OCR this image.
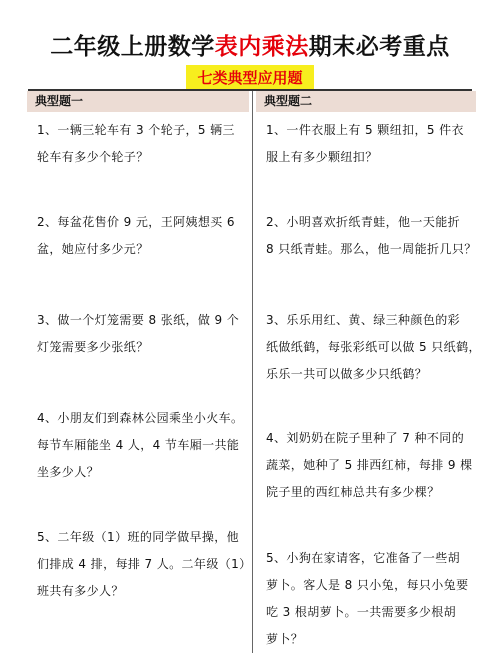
二年级上册数学表内乘法期末必考重点
七类典型应用题
典型题一
1、一辆三轮车有 3 个轮子，5 辆三
轮车有多少个轮子？
2、每盆花售价 9 元，王阿姨想买 6
盆，她应付多少元？
3、做一个灯笼需要 8 张纸，做 9 个
灯笼需要多少张纸？
4、小朋友们到森林公园乘坐小火车。
每节车厢能坐 4 人，4 节车厢一共能
坐多少人？
5、二年级（1）班的同学做早操，他
们排成 4 排，每排 7 人。二年级（1）
班共有多少人？
典型题二
1、一件衣服上有 5 颗纽扣，5 件衣
服上有多少颗纽扣？
2、小明喜欢折纸青蛙，他一天能折
8 只纸青蛙。那么，他一周能折几只？
3、乐乐用红、黄、绿三种颜色的彩
纸做纸鹤，每张彩纸可以做 5 只纸鹤，
乐乐一共可以做多少只纸鹤？
4、刘奶奶在院子里种了 7 种不同的
蔬菜，她种了 5 排西红柿，每排 9 棵
院子里的西红柿总共有多少棵？
5、小狗在家请客，它准备了一些胡
萝卜。客人是 8 只小兔，每只小兔要
吃 3 根胡萝卜。一共需要多少根胡
萝卜？
